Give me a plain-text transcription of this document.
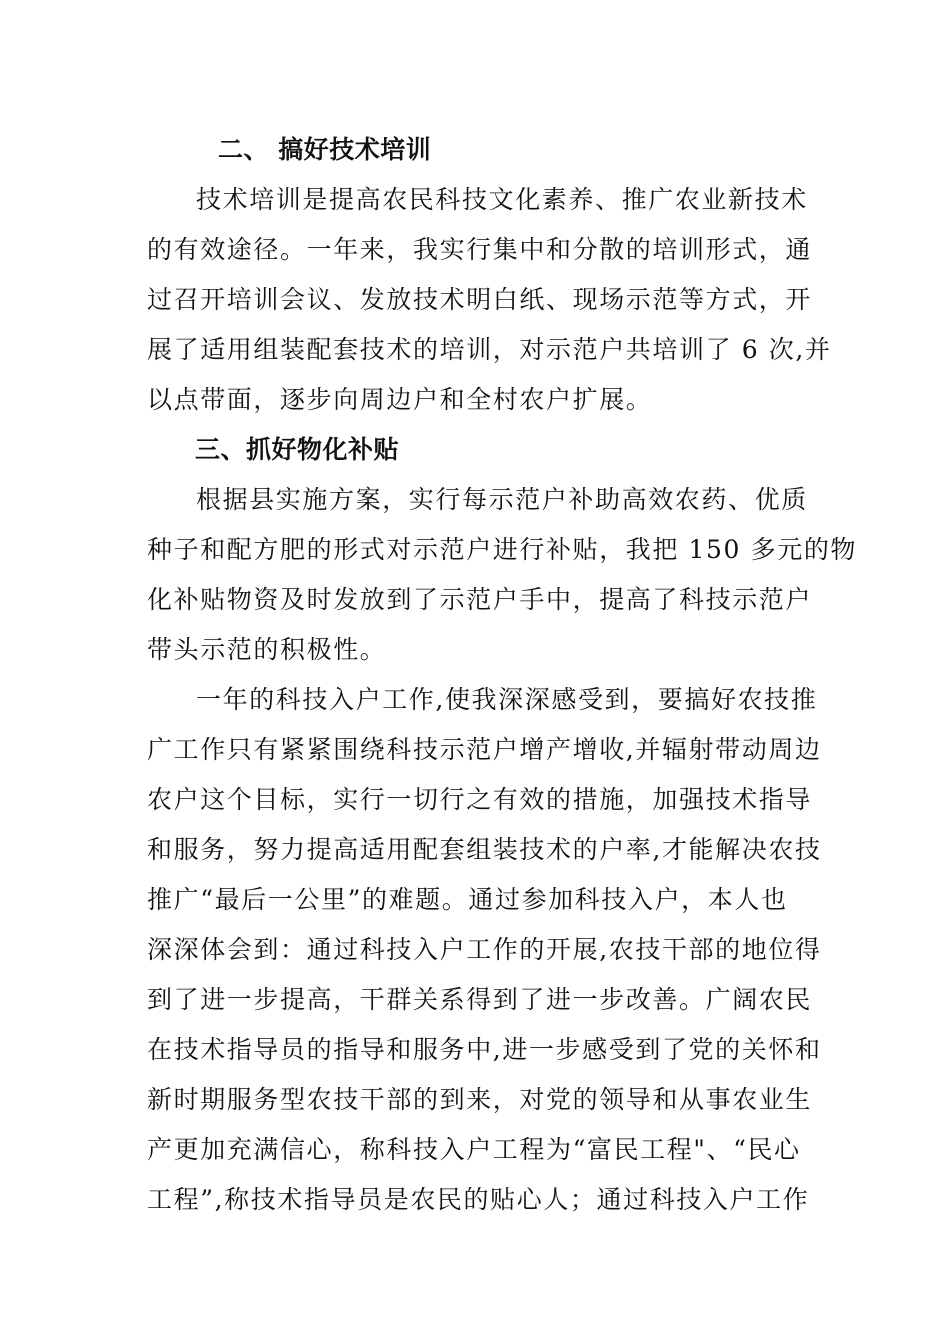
二、 搞好技术培训
技术培训是提高农民科技文化素养、推广农业新技术
的有效途径。一年来，我实行集中和分散的培训形式，通
过召开培训会议、发放技术明白纸、现场示范等方式，开
展了适用组装配套技术的培训，对示范户共培训了 6 次,并
以点带面，逐步向周边户和全村农户扩展。
三、抓好物化补贴
根据县实施方案，实行每示范户补助高效农药、优质
种子和配方肥的形式对示范户进行补贴，我把 150 多元的物
化补贴物资及时发放到了示范户手中，提高了科技示范户
带头示范的积极性。
一年的科技入户工作,使我深深感受到，要搞好农技推
广工作只有紧紧围绕科技示范户增产增收,并辐射带动周边
农户这个目标，实行一切行之有效的措施，加强技术指导
和服务，努力提高适用配套组装技术的户率,才能解决农技
推广“最后一公里”的难题。通过参加科技入户，本人也
深深体会到：通过科技入户工作的开展,农技干部的地位得
到了进一步提高，干群关系得到了进一步改善。广阔农民
在技术指导员的指导和服务中,进一步感受到了党的关怀和
新时期服务型农技干部的到来，对党的领导和从事农业生
产更加充满信心，称科技入户工程为“富民工程"、“民心
工程”,称技术指导员是农民的贴心人；通过科技入户工作
